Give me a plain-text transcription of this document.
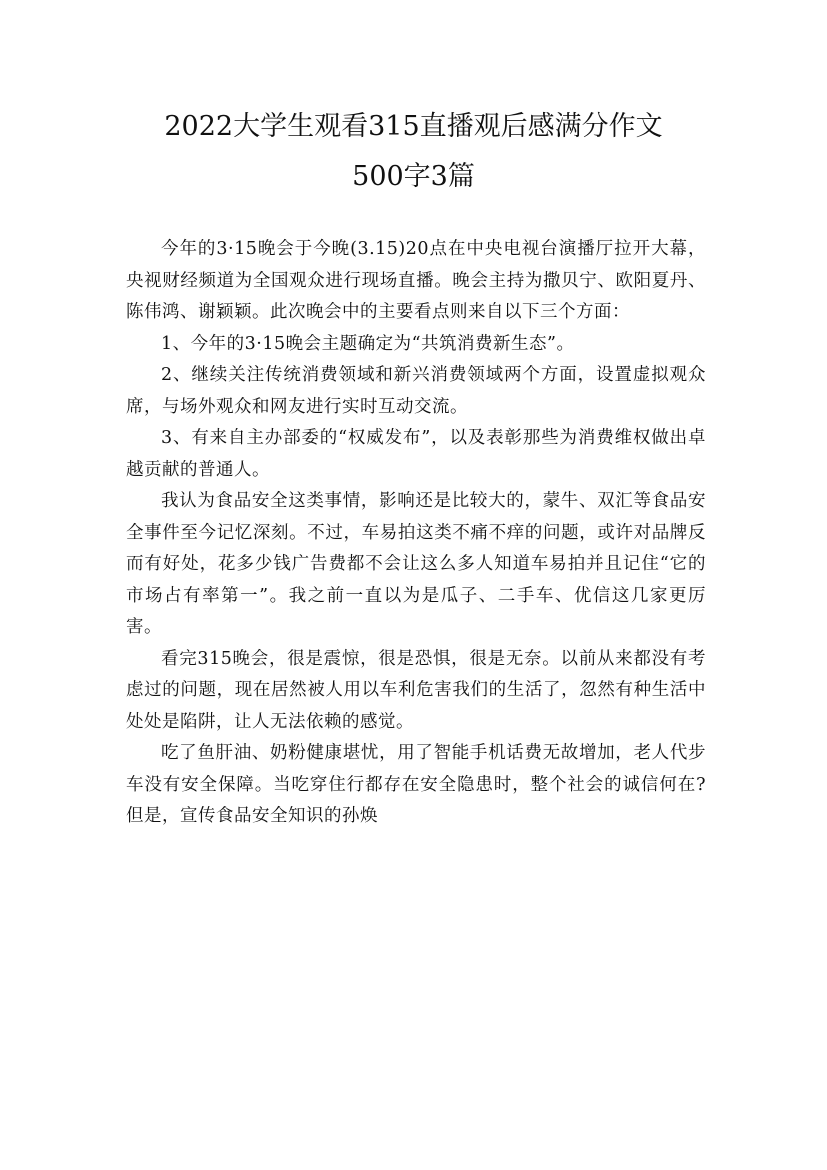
2022大学生观看315直播观后感满分作文
500字3篇

今年的3·15晚会于今晚(3.15)20点在中央电视台演播厅拉开大幕，央视财经频道为全国观众进行现场直播。晚会主持为撒贝宁、欧阳夏丹、陈伟鸿、谢颖颖。此次晚会中的主要看点则来自以下三个方面：

1、今年的3·15晚会主题确定为“共筑消费新生态”。

2、继续关注传统消费领域和新兴消费领域两个方面，设置虚拟观众席，与场外观众和网友进行实时互动交流。

3、有来自主办部委的“权威发布”，以及表彰那些为消费维权做出卓越贡献的普通人。

我认为食品安全这类事情，影响还是比较大的，蒙牛、双汇等食品安全事件至今记忆深刻。不过，车易拍这类不痛不痒的问题，或许对品牌反而有好处，花多少钱广告费都不会让这么多人知道车易拍并且记住“它的市场占有率第一”。我之前一直以为是瓜子、二手车、优信这几家更厉害。

看完315晚会，很是震惊，很是恐惧，很是无奈。以前从来都没有考虑过的问题，现在居然被人用以车利危害我们的生活了，忽然有种生活中处处是陷阱，让人无法依赖的感觉。

吃了鱼肝油、奶粉健康堪忧，用了智能手机话费无故增加，老人代步车没有安全保障。当吃穿住行都存在安全隐患时，整个社会的诚信何在?但是，宣传食品安全知识的孙焕
